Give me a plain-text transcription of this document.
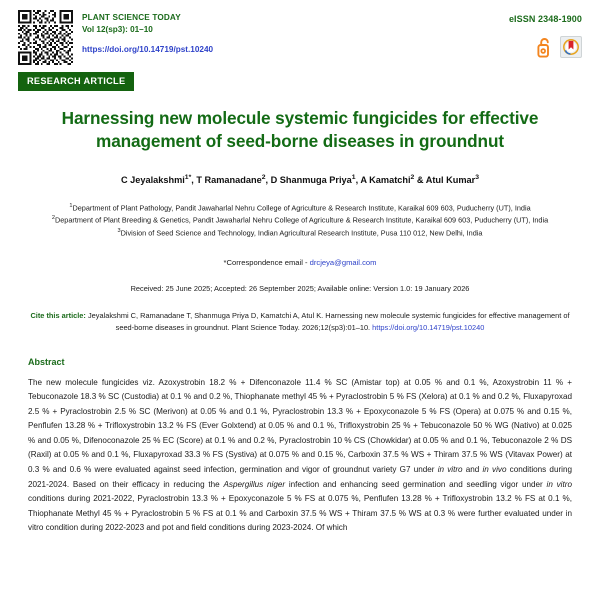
PLANT SCIENCE TODAY
Vol 12(sp3): 01–10
https://doi.org/10.14719/pst.10240
eISSN 2348-1900
RESEARCH ARTICLE
Harnessing new molecule systemic fungicides for effective management of seed-borne diseases in groundnut
C Jeyalakshmi$^{1*}$, T Ramanadane$^2$, D Shanmuga Priya$^1$, A Kamatchi$^2$ & Atul Kumar$^3$
$^1$Department of Plant Pathology, Pandit Jawaharlal Nehru College of Agriculture & Research Institute, Karaikal 609 603, Puducherry (UT), India
$^2$Department of Plant Breeding & Genetics, Pandit Jawaharlal Nehru College of Agriculture & Research Institute, Karaikal 609 603, Puducherry (UT), India
$^3$Division of Seed Science and Technology, Indian Agricultural Research Institute, Pusa 110 012, New Delhi, India
*Correspondence email - drcjeya@gmail.com
Received: 25 June 2025; Accepted: 26 September 2025; Available online: Version 1.0: 19 January 2026
Cite this article: Jeyalakshmi C, Ramanadane T, Shanmuga Priya D, Kamatchi A, Atul K. Harnessing new molecule systemic fungicides for effective management of seed-borne diseases in groundnut. Plant Science Today. 2026;12(sp3):01–10. https://doi.org/10.14719/pst.10240
Abstract
The new molecule fungicides viz. Azoxystrobin 18.2 % + Difenconazole 11.4 % SC (Amistar top) at 0.05 % and 0.1 %, Azoxystrobin 11 % + Tebuconazole 18.3 % SC (Custodia) at 0.1 % and 0.2 %, Thiophanate methyl 45 % + Pyraclostrobin 5 % FS (Xelora) at 0.1 % and 0.2 %, Fluxapyroxad 2.5 % + Pyraclostrobin 2.5 % SC (Merivon) at 0.05 % and 0.1 %, Pyraclostrobin 13.3 % + Epoxyconazole 5 % FS (Opera) at 0.075 % and 0.15 %, Penflufen 13.28 % + Trifloxystrobin 13.2 % FS (Ever Golxtend) at 0.05 % and 0.1 %, Trifloxystrobin 25 % + Tebuconazole 50 % WG (Nativo) at 0.025 % and 0.05 %, Difenoconazole 25 % EC (Score) at 0.1 % and 0.2 %, Pyraclostrobin 10 % CS (Chowkidar) at 0.05 % and 0.1 %, Tebuconazole 2 % DS (Raxil) at 0.05 % and 0.1 %, Fluxapyroxad 33.3 % FS (Systiva) at 0.075 % and 0.15 %, Carboxin 37.5 % WS + Thiram 37.5 % WS (Vitavax Power) at 0.3 % and 0.6 % were evaluated against seed infection, germination and vigor of groundnut variety G7 under in vitro and in vivo conditions during 2021-2024. Based on their efficacy in reducing the Aspergillus niger infection and enhancing seed germination and seedling vigor under in vitro conditions during 2021-2022, Pyraclostrobin 13.3 % + Epoxyconazole 5 % FS at 0.075 %, Penflufen 13.28 % + Trifloxystrobin 13.2 % FS at 0.1 %, Thiophanate Methyl 45 % + Pyraclostrobin 5 % FS at 0.1 % and Carboxin 37.5 % WS + Thiram 37.5 % WS at 0.3 % were further evaluated under in vitro condition during 2022-2023 and pot and field conditions during 2023-2024. Of which
